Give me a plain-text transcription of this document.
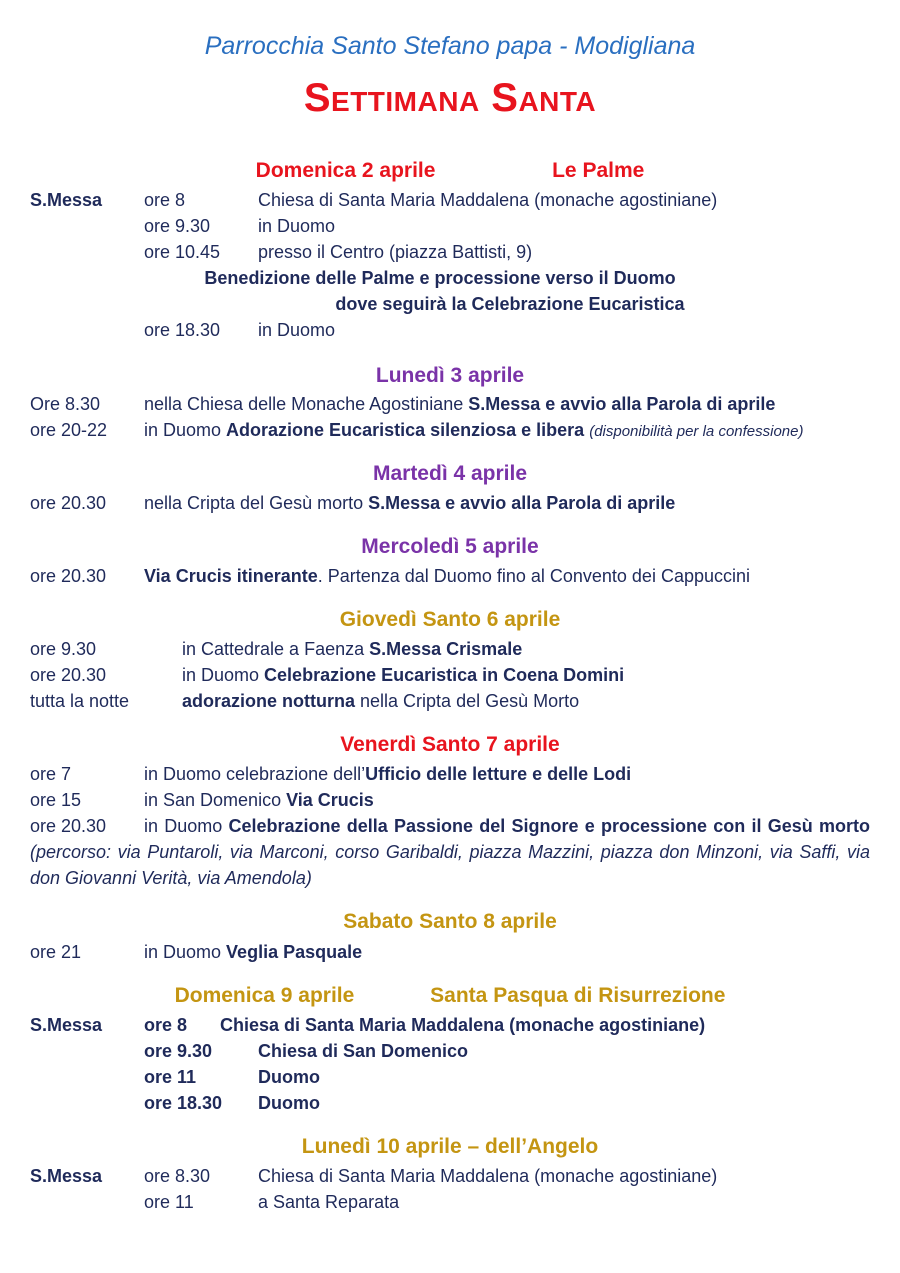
Parrocchia Santo Stefano papa - Modigliana
Settimana Santa
Domenica 2 aprile                    Le Palme
S.Messa ore 8	Chiesa di Santa Maria Maddalena (monache agostiniane)
ore 9.30	in Duomo
ore 10.45 presso il Centro (piazza Battisti, 9)
Benedizione delle Palme e processione verso il Duomo
dove seguirà la Celebrazione Eucaristica
ore 18.30 in Duomo
Lunedì 3 aprile
Ore 8.30 nella Chiesa delle Monache Agostiniane S.Messa e avvio alla Parola di aprile
ore 20-22 in Duomo Adorazione Eucaristica silenziosa e libera (disponibilità per la confessione)
Martedì 4 aprile
ore 20.30 nella Cripta del Gesù morto S.Messa e avvio alla Parola di aprile
Mercoledì 5 aprile
ore 20.30 Via Crucis itinerante. Partenza dal Duomo fino al Convento dei Cappuccini
Giovedì Santo 6 aprile
ore 9.30	in Cattedrale a Faenza S.Messa Crismale
ore 20.30	in Duomo Celebrazione Eucaristica in Coena Domini
tutta la notte	adorazione notturna nella Cripta del Gesù Morto
Venerdì Santo 7 aprile
ore 7	in Duomo celebrazione dell’Ufficio delle letture e delle Lodi
ore 15	in San Domenico Via Crucis
ore 20.30 in Duomo Celebrazione della Passione del Signore e processione con il Gesù morto (percorso: via Puntaroli, via Marconi, corso Garibaldi, piazza Mazzini, piazza don Minzoni, via Saffi, via don Giovanni Verità, via Amendola)
Sabato Santo 8 aprile
ore 21	in Duomo Veglia Pasquale
Domenica 9 aprile             Santa Pasqua di Risurrezione
S.Messa ore 8 Chiesa di Santa Maria Maddalena (monache agostiniane)
ore 9.30	Chiesa di San Domenico
ore 11	Duomo
ore 18.30 Duomo
Lunedì 10 aprile – dell’Angelo
S.Messa ore 8.30	Chiesa di Santa Maria Maddalena (monache agostiniane)
ore 11	a Santa Reparata
